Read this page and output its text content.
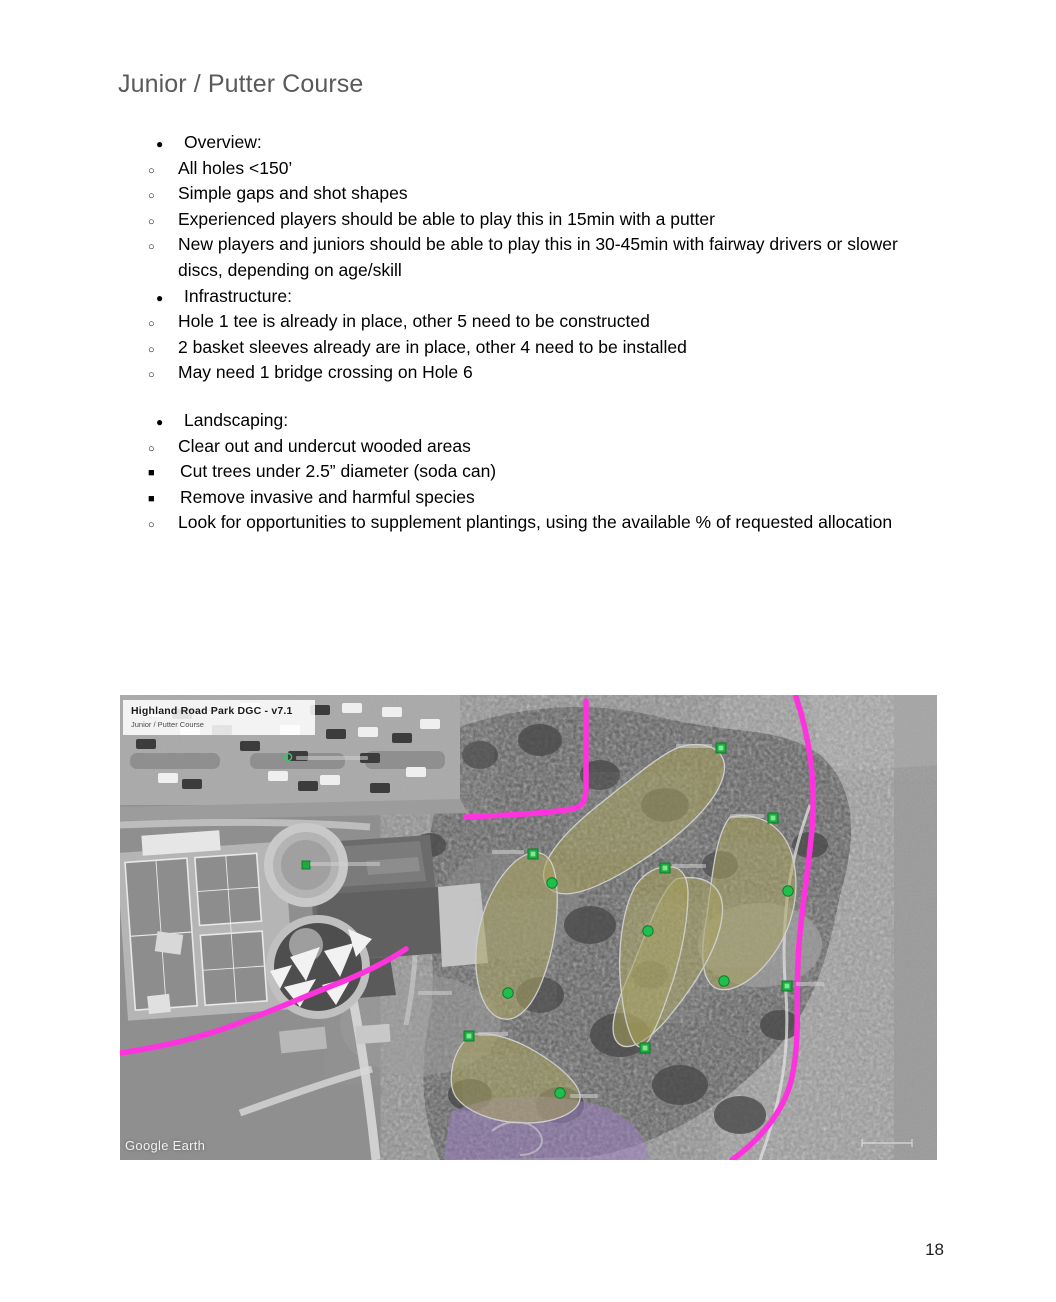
Junior / Putter Course
●
Overview:
○
All holes <150’
○
Simple gaps and shot shapes
○
Experienced players should be able to play this in 15min with a putter
○
New players and juniors should be able to play this in 30-45min with fairway drivers or slower discs, depending on age/skill
●
Infrastructure:
○
Hole 1 tee is already in place, other 5 need to be constructed
○
2 basket sleeves already are in place, other 4 need to be installed
○
May need 1 bridge crossing on Hole 6
●
Landscaping:
○
Clear out and undercut wooded areas
■
Cut trees under 2.5” diameter (soda can)
■
Remove invasive and harmful species
○
Look for opportunities to supplement plantings, using the available % of requested allocation
Highland Road Park DGC - v7.1
Junior / Putter Course
Google Earth
18
